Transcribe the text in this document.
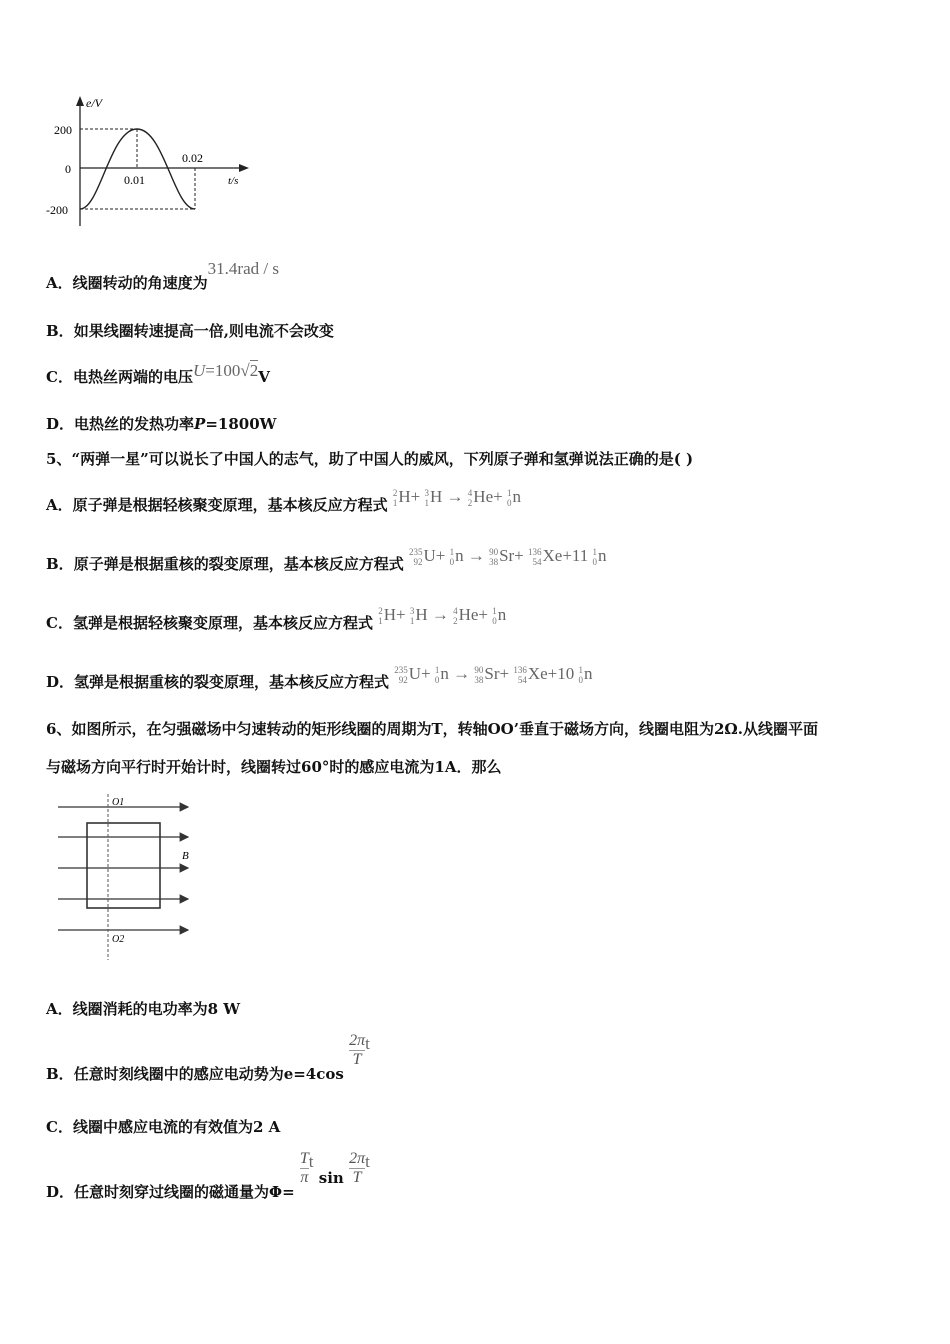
e/V
200
0
-200
0.01
0.02
t/s
A．线圈转动的角速度为31.4rad / s
B．如果线圈转速提高一倍,则电流不会改变
C．电热丝两端的电压U=100√2V
D．电热丝的发热功率P=1800W
5、“两弹一星”可以说长了中国人的志气，助了中国人的威风，下列原子弹和氢弹说法正确的是( )
A．原子弹是根据轻核聚变原理，基本核反应方程式
2
1 H+ 3
1 H → 4
2 He+ 1
0 n
B．原子弹是根据重核的裂变原理，基本核反应方程式
235
92 U+ 1
0 n → 90
38 Sr+ 136
54 Xe+11 1
0 n
C．氢弹是根据轻核聚变原理，基本核反应方程式
2
1 H+ 3
1 H → 4
2 He+ 1
0 n
D．氢弹是根据重核的裂变原理，基本核反应方程式
235
92 U+ 1
0 n → 90
38 Sr+ 136
54 Xe+10 1
0 n
6、如图所示，在匀强磁场中匀速转动的矩形线圈的周期为T，转轴OO’垂直于磁场方向，线圈电阻为2Ω.从线圈平面
与磁场方向平行时开始计时，线圈转过60°时的感应电流为1A．那么
O1
O2
B
A．线圈消耗的电功率为8 W
B．任意时刻线圈中的感应电动势为e=4cos
$\frac{2\pi}{T}$ t
C．线圈中感应电流的有效值为2 A
D．任意时刻穿过线圈的磁通量为Φ=
$\frac{T}{\pi}$ t $\sin \frac{2\pi}{T}$ t
